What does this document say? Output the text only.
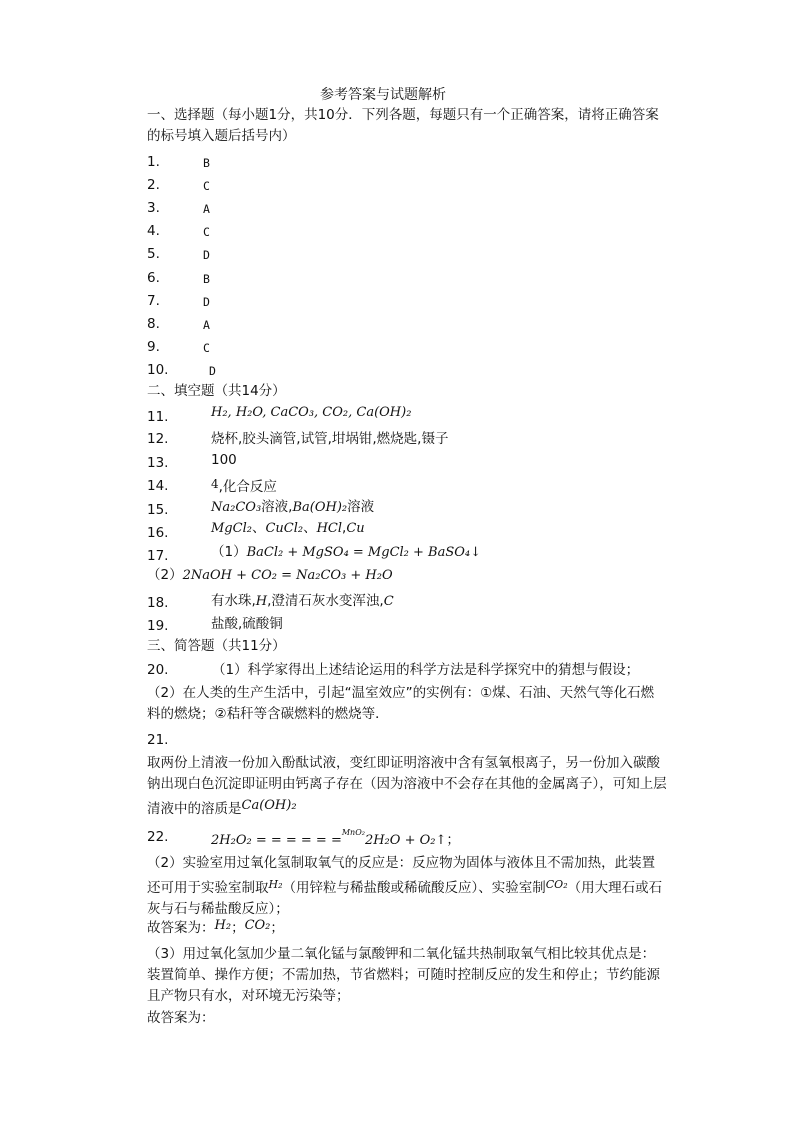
参考答案与试题解析
一、选择题（每小题1分，共10分．下列各题，每题只有一个正确答案，请将正确答案
的标号填入题后括号内）
1.	B
2.	C
3.	A
4.	C
5.	D
6.	B
7.	D
8.	A
9.	C
10.	D
二、填空题（共14分）
11.	H₂, H₂O, CaCO₃, CO₂, Ca(OH)₂
12.	烧杯,胶头滴管,试管,坩埚钳,燃烧匙,镊子
13.	100
14.	4,化合反应
15.	Na₂CO₃溶液,Ba(OH)₂溶液
16.	MgCl₂、CuCl₂、HCl,Cu
17.	（1）BaCl₂ + MgSO₄ = MgCl₂ + BaSO₄↓
（2）2NaOH + CO₂ = Na₂CO₃ + H₂O
18.	有水珠,H,澄清石灰水变浑浊,C
19.	盐酸,硫酸铜
三、简答题（共11分）
20.	（1）科学家得出上述结论运用的科学方法是科学探究中的猜想与假设；
（2）在人类的生产生活中，引起“温室效应”的实例有：①煤、石油、天然气等化石燃料的燃烧；②秸秆等含碳燃料的燃烧等．
21.
取两份上清液一份加入酚酞试液，变红即证明溶液中含有氢氧根离子，另一份加入碳酸钠出现白色沉淀即证明由钙离子存在（因为溶液中不会存在其他的金属离子），可知上层清液中的溶质是Ca(OH)₂
22.	2H₂O₂ = = = = = =$^{MnO_2}$2H₂O + O₂↑；
（2）实验室用过氧化氢制取氧气的反应是：反应物为固体与液体且不需加热，此装置还可用于实验室制取$^{H_2}$（用锌粒与稀盐酸或稀硫酸反应）、实验室制$^{CO_2}$（用大理石或石灰与石与稀盐酸反应）；
故答案为：H₂；CO₂；
（3）用过氧化氢加少量二氧化锰与氯酸钾和二氧化锰共热制取氧气相比较其优点是：装置简单、操作方便；不需加热，节省燃料；可随时控制反应的发生和停止；节约能源且产物只有水，对环境无污染等；
故答案为：
